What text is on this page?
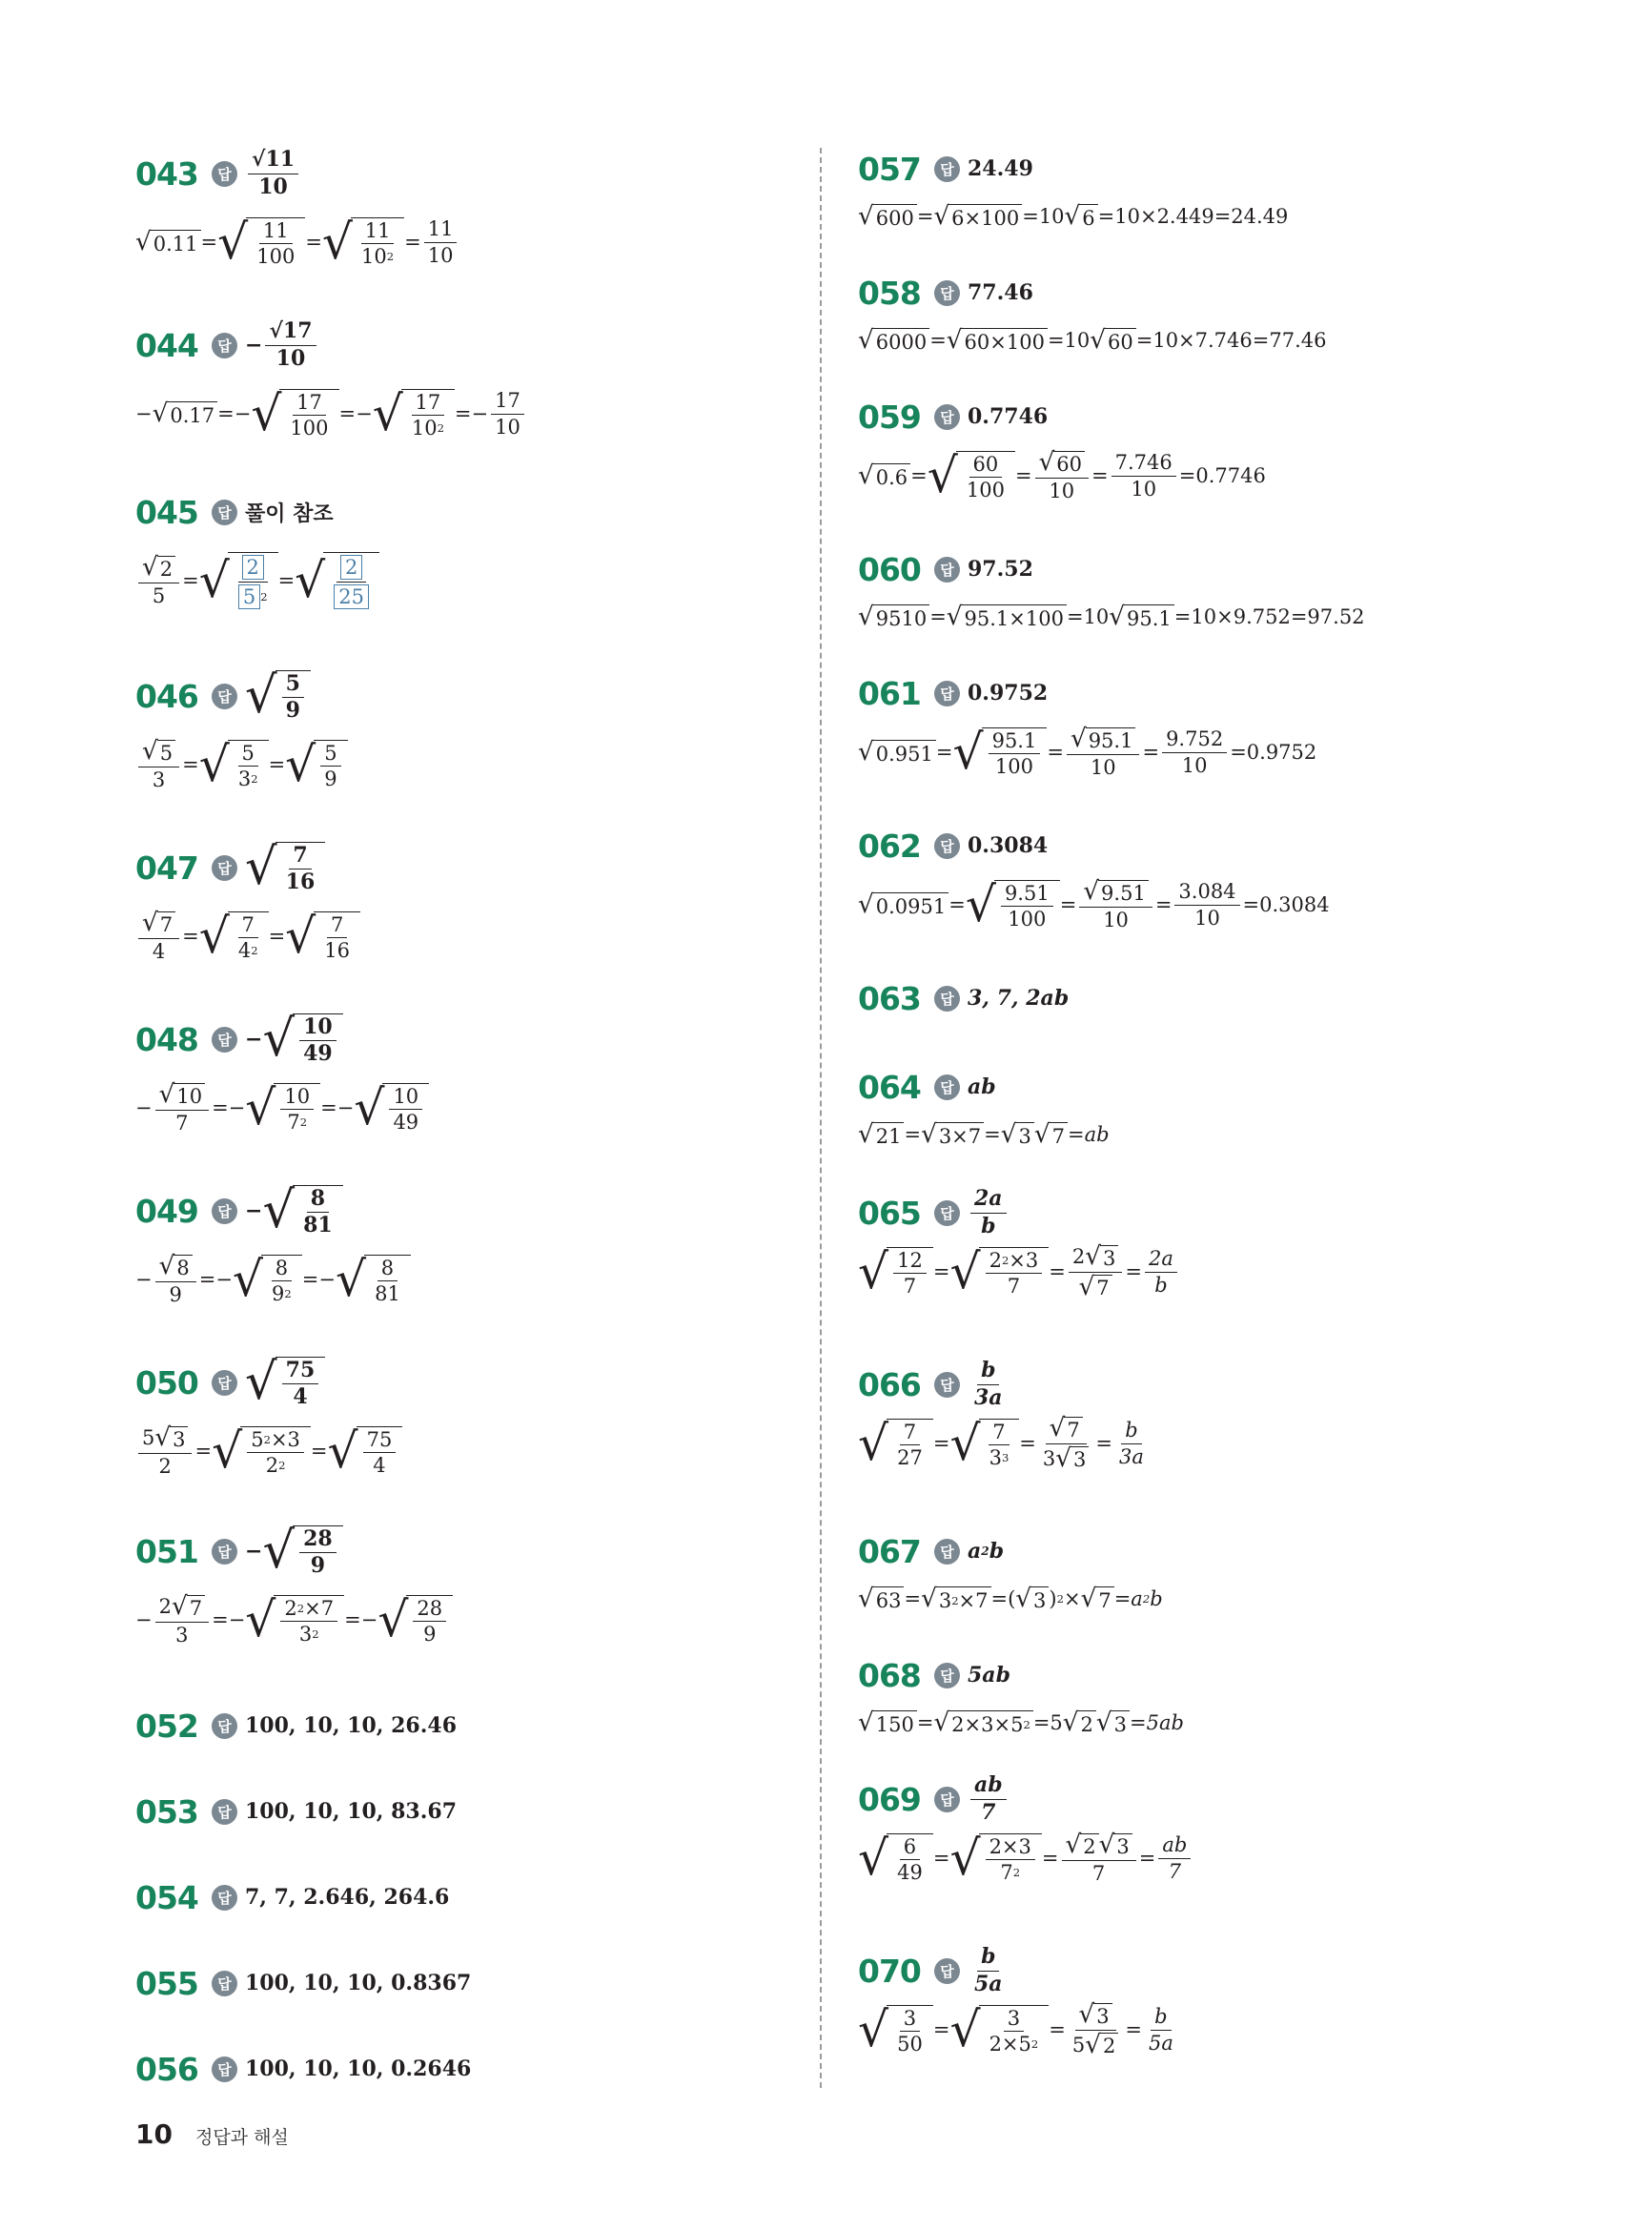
043	답 $\frac{√11}{10}$
√ 0.11 = √ $\frac{11}{100}$ = √ $\frac{11}{10 2} = \frac{11}{10}$
044	답 − $\frac{√17}{10}$
−
√ 0.17 =− √ $\frac{17}{100}$ =− √ $\frac{17}{10 2} =- \frac{17}{10}$
045	답 풀이 참조
√ $\frac{2}{5}$ = √ $\frac{2}{5 2}$ = √ $\frac{2}{25}$
046	답 √ $\frac{5}{9}$
√ $\frac{5}{3}$ = √ $\frac{5}{3 2}$ = √ $\frac{5}{9}$
047	답 √ $\frac{7}{16}$
√ $\frac{7}{4}$ = √ $\frac{7}{4 2}$ = √ $\frac{7}{16}$
048	답 − √ $\frac{10}{49}$
−
√ $\frac{10}{7}$ =− √ $\frac{10}{7 2}$ =− √ $\frac{10}{49}$
049	답 − √ $\frac{8}{81}$
−
√ $\frac{8}{9}$ =− √ $\frac{8}{9 2}$ =− √ $\frac{8}{81}$
050	답 √ $\frac{75}{4}$
5
√ 3
2 = √ $\frac{5 2 \times 3}{2 2}$ = √ $\frac{75}{4}$
051	답 − √ $\frac{28}{9}$
− 2
√ 7
3 =− √ $\frac{2 2 \times 7}{3 2}$ =− √ $\frac{28}{9}$
052	답 100, 10, 10, 26.46
053	답 100, 10, 10, 83.67
054	답 7, 7, 2.646, 264.6
055	답 100, 10, 10, 0.8367
056	답 100, 10, 10, 0.2646
057	답 24.49
√ 600 =
√ 6×100 =10
√ 6 =10×2.449=24.49
058	답 77.46
√ 6000 =
√ 60×100 =10
√ 60 =10×7.746=77.46
059	답 0.7746
√ 0.6 = √ $\frac{60}{100}$ =
√ $\frac{60}{10} = \frac{7.746}{10} =0.7746$
060	답 97.52
√ 9510 =
√ 95.1×100 =10
√ 95.1 =10×9.752=97.52
061	답 0.9752
√ 0.951 = √ $\frac{95.1}{100}$ =
√ $\frac{95.1}{10} = \frac{9.752}{10} =0.9752$
062	답 0.3084
√ 0.0951 = √ $\frac{9.51}{100}$ =
√ $\frac{9.51}{10} = \frac{3.084}{10} =0.3084$
063	답 3, 7, 2ab
064	답 ab
√ 21 =
√ 3×7 =
√ 3
√ 7 =ab
065	답 $\frac{2a}{b}$
√ $\frac{12}{7}$ = √ $\frac{2 2 \times 3}{7} = 2$
√ 3
√ $7 = \frac{2a}{b}$
066	답 $\frac{b}{3a}$
√ $\frac{7}{27}$ = √ $\frac{7}{3 3}$ =
√ 7
3
√ $3 = \frac{b}{3a}$
067	답 a 2 b
√ 63 =
√ 3 2 ×7 =(
√ 3 ) 2 ×
√ 7 =a 2 b
068	답 5ab
√ 150 =
√ 2×3×5 2 =5
√ 2
√ 3 =5ab
069	답 $\frac{ab}{7}$
√ $\frac{6}{49}$ = √ $\frac{2\times 3}{7 2}$ =
√ 2
√ 3
$7 = \frac{ab}{7}$
070	답 $\frac{b}{5a}$
√ $\frac{3}{50}$ = √ $\frac{3}{2\times 5 2}$ =
√ 3
5
√ $2 = \frac{b}{5a}$
10 정답과 해설
